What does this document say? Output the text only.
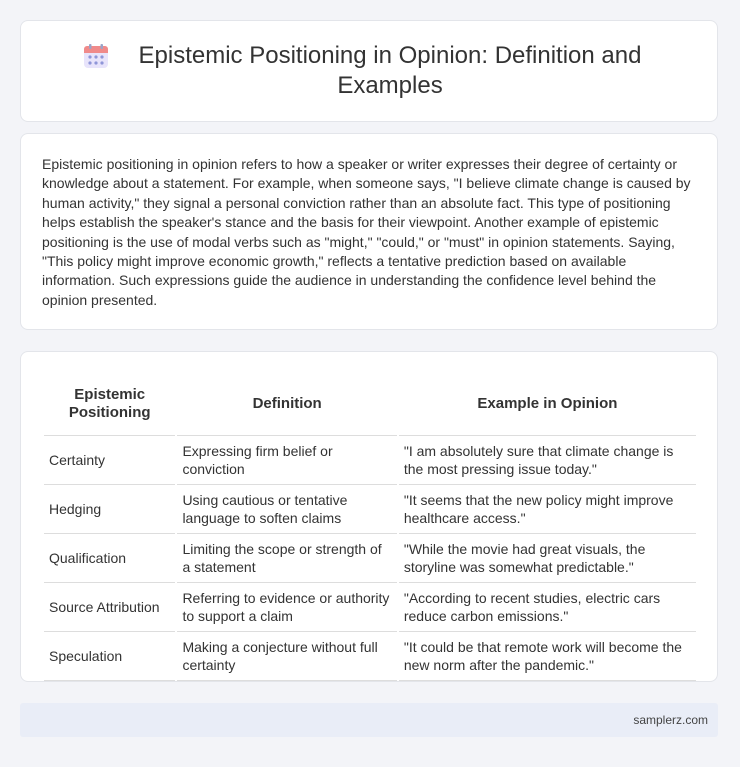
Epistemic Positioning in Opinion: Definition and Examples

Epistemic positioning in opinion refers to how a speaker or writer expresses their degree of certainty or knowledge about a statement. For example, when someone says, "I believe climate change is caused by human activity," they signal a personal conviction rather than an absolute fact. This type of positioning helps establish the speaker's stance and the basis for their viewpoint. Another example of epistemic positioning is the use of modal verbs such as "might," "could," or "must" in opinion statements. Saying, "This policy might improve economic growth," reflects a tentative prediction based on available information. Such expressions guide the audience in understanding the confidence level behind the opinion presented.

Epistemic Positioning	Definition	Example in Opinion
Certainty	Expressing firm belief or conviction	"I am absolutely sure that climate change is the most pressing issue today."
Hedging	Using cautious or tentative language to soften claims	"It seems that the new policy might improve healthcare access."
Qualification	Limiting the scope or strength of a statement	"While the movie had great visuals, the storyline was somewhat predictable."
Source Attribution	Referring to evidence or authority to support a claim	"According to recent studies, electric cars reduce carbon emissions."
Speculation	Making a conjecture without full certainty	"It could be that remote work will become the new norm after the pandemic."
samplerz.com
